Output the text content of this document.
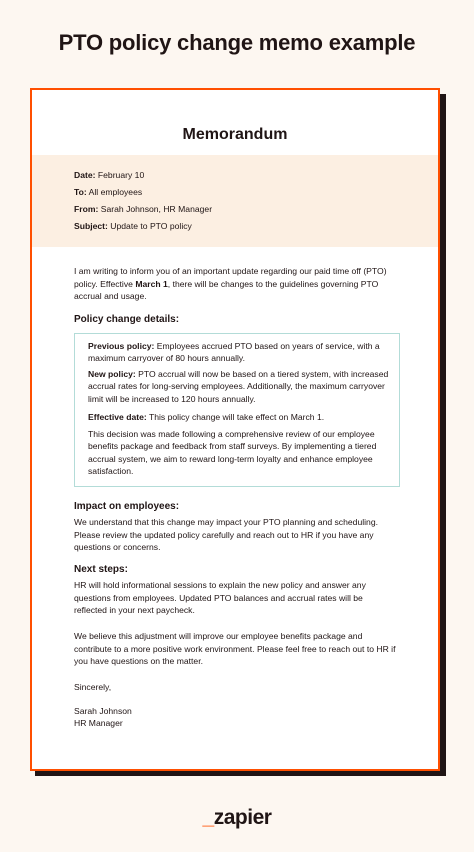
PTO policy change memo example
Memorandum
Date: February 10
To: All employees
From: Sarah Johnson, HR Manager
Subject: Update to PTO policy
I am writing to inform you of an important update regarding our paid time off (PTO) policy. Effective March 1, there will be changes to the guidelines governing PTO accrual and usage.
Policy change details:
Previous policy: Employees accrued PTO based on years of service, with a maximum carryover of 80 hours annually.
New policy: PTO accrual will now be based on a tiered system, with increased accrual rates for long-serving employees. Additionally, the maximum carryover limit will be increased to 120 hours annually.
Effective date: This policy change will take effect on March 1.
This decision was made following a comprehensive review of our employee benefits package and feedback from staff surveys. By implementing a tiered accrual system, we aim to reward long-term loyalty and enhance employee satisfaction.
Impact on employees:
We understand that this change may impact your PTO planning and scheduling. Please review the updated policy carefully and reach out to HR if you have any questions or concerns.
Next steps:
HR will hold informational sessions to explain the new policy and answer any questions from employees. Updated PTO balances and accrual rates will be reflected in your next paycheck.
We believe this adjustment will improve our employee benefits package and contribute to a more positive work environment. Please feel free to reach out to HR if you have questions on the matter.
Sincerely,
Sarah Johnson
HR Manager
_zapier
